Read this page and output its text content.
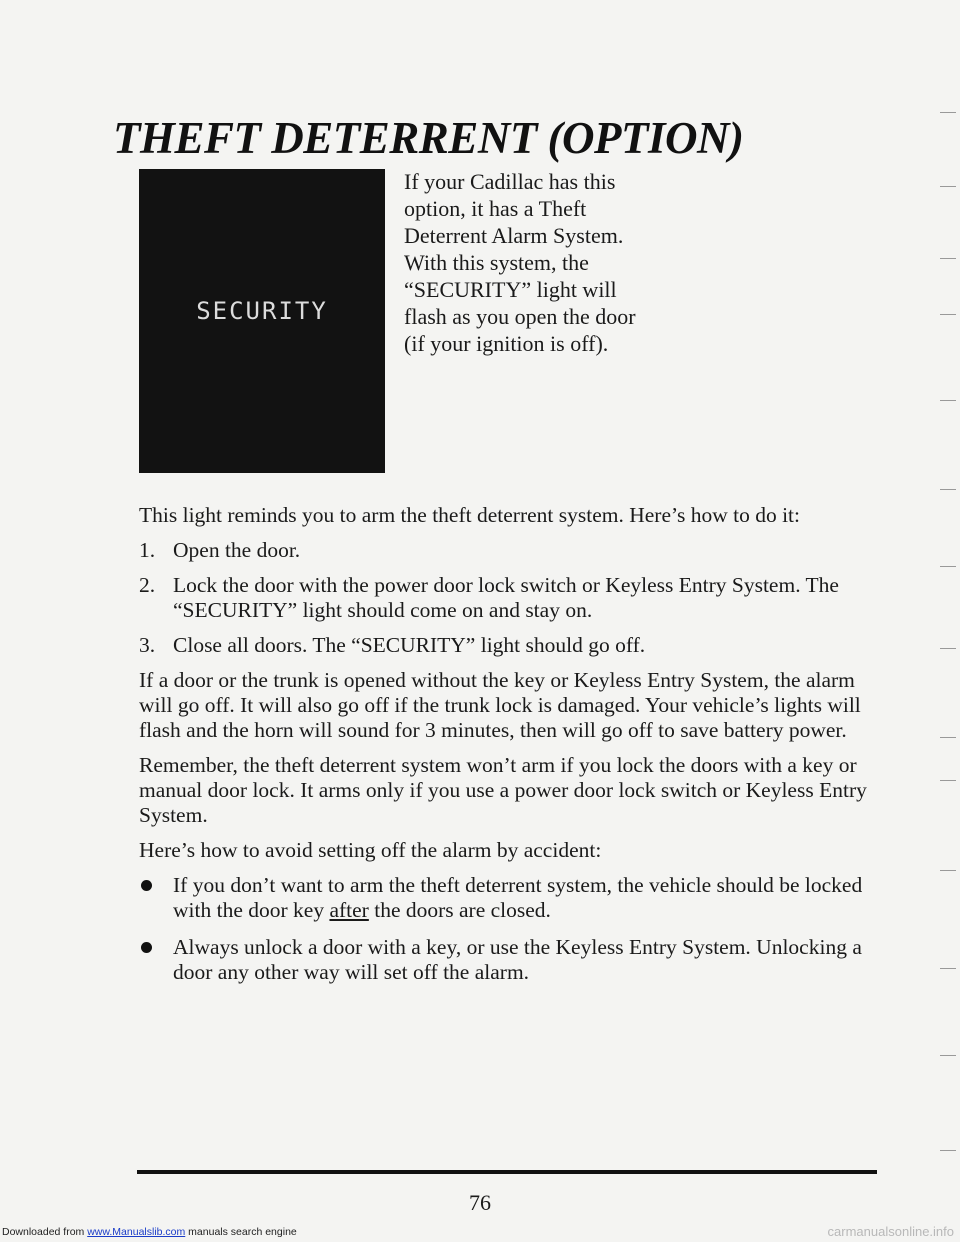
THEFT DETERRENT (OPTION)
SECURITY

If your Cadillac has this option, it has a Theft Deterrent Alarm System. With this system, the “SECURITY” light will flash as you open the door (if your ignition is off).

This light reminds you to arm the theft deterrent system. Here’s how to do it:

1. Open the door.
2. Lock the door with the power door lock switch or Keyless Entry System. The “SECURITY” light should come on and stay on.
3. Close all doors. The “SECURITY” light should go off.

If a door or the trunk is opened without the key or Keyless Entry System, the alarm will go off. It will also go off if the trunk lock is damaged. Your vehicle’s lights will flash and the horn will sound for 3 minutes, then will go off to save battery power.

Remember, the theft deterrent system won’t arm if you lock the doors with a key or manual door lock. It arms only if you use a power door lock switch or Keyless Entry System.

Here’s how to avoid setting off the alarm by accident:

If you don’t want to arm the theft deterrent system, the vehicle should be locked with the door key after the doors are closed.
Always unlock a door with a key, or use the Keyless Entry System. Unlocking a door any other way will set off the alarm.
76
Downloaded from www.Manualslib.com manuals search engine	carmanualsonline.info
